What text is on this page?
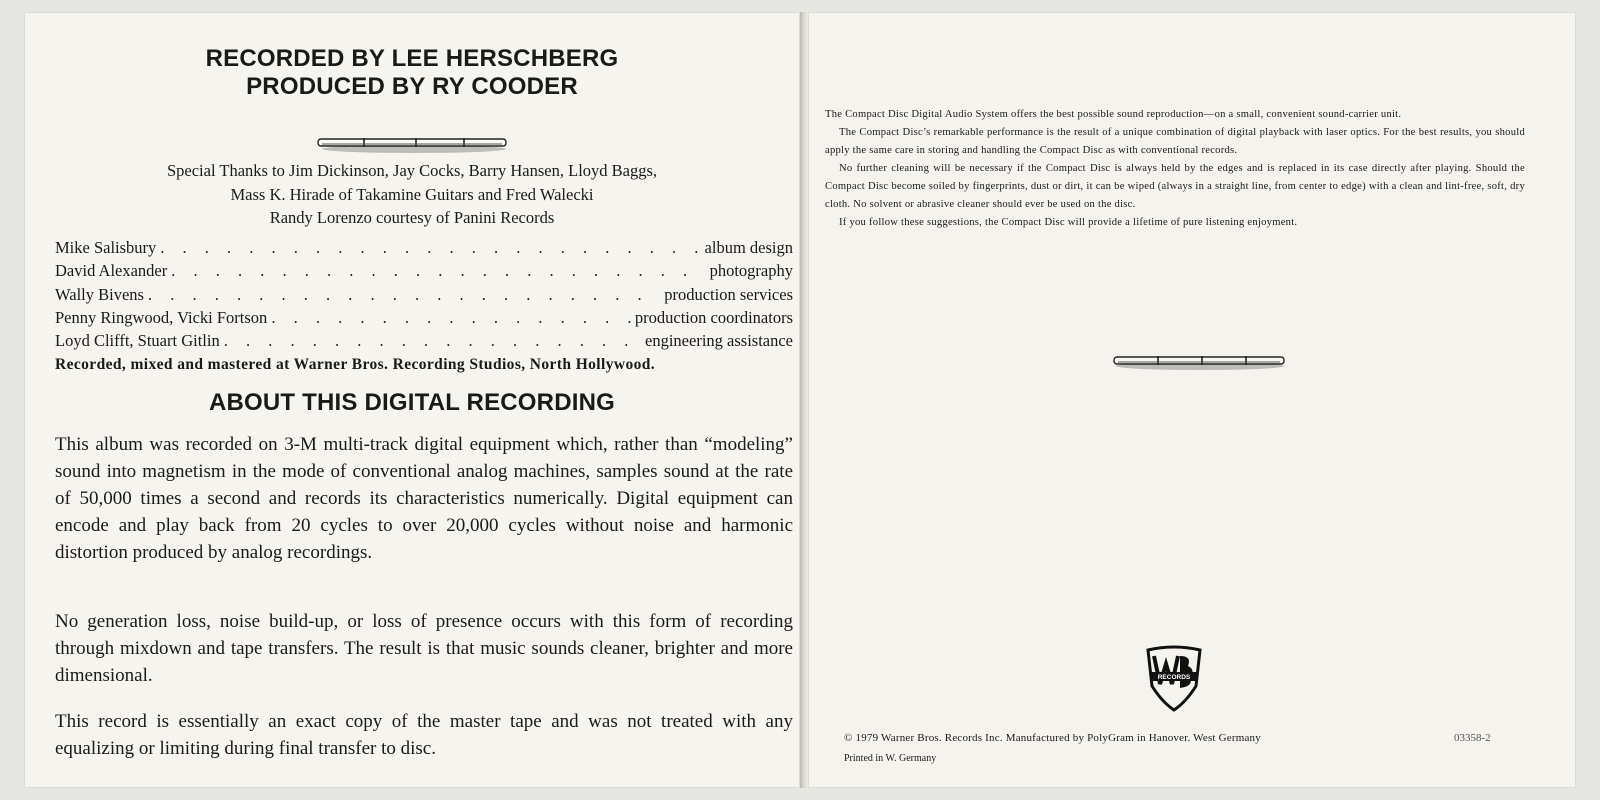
RECORDED BY LEE HERSCHBERG
PRODUCED BY RY COODER
Special Thanks to Jim Dickinson, Jay Cocks, Barry Hansen, Lloyd Baggs,
Mass K. Hirade of Takamine Guitars and Fred Walecki
Randy Lorenzo courtesy of Panini Records
Mike Salisbury . . .	album design
David Alexander . . .	photography
Wally Bivens . . .	production services
Penny Ringwood, Vicki Fortson . . .	production coordinators
Loyd Clifft, Stuart Gitlin . . .	engineering assistance
Recorded, mixed and mastered at Warner Bros. Recording Studios, North Hollywood.
ABOUT THIS DIGITAL RECORDING

This album was recorded on 3-M multi-track digital equipment which, rather than “modeling” sound into magnetism in the mode of conventional analog machines, samples sound at the rate of 50,000 times a second and records its characteristics numerically. Digital equipment can encode and play back from 20 cycles to over 20,000 cycles without noise and harmonic distortion produced by analog recordings.

No generation loss, noise build-up, or loss of presence occurs with this form of recording through mixdown and tape transfers. The result is that music sounds cleaner, brighter and more dimensional.

This record is essentially an exact copy of the master tape and was not treated with any equalizing or limiting during final transfer to disc.

The Compact Disc Digital Audio System offers the best possible sound reproduction—on a small, convenient sound-carrier unit.

The Compact Disc’s remarkable performance is the result of a unique combination of digital playback with laser optics. For the best results, you should apply the same care in storing and handling the Compact Disc as with conventional records.

No further cleaning will be necessary if the Compact Disc is always held by the edges and is replaced in its case directly after playing. Should the Compact Disc become soiled by fingerprints, dust or dirt, it can be wiped (always in a straight line, from center to edge) with a clean and lint-free, soft, dry cloth. No solvent or abrasive cleaner should ever be used on the disc.

If you follow these suggestions, the Compact Disc will provide a lifetime of pure listening enjoyment.

RECORDS
© 1979 Warner Bros. Records Inc. Manufactured by PolyGram in Hanover. West Germany	03358-2
Printed in W. Germany
